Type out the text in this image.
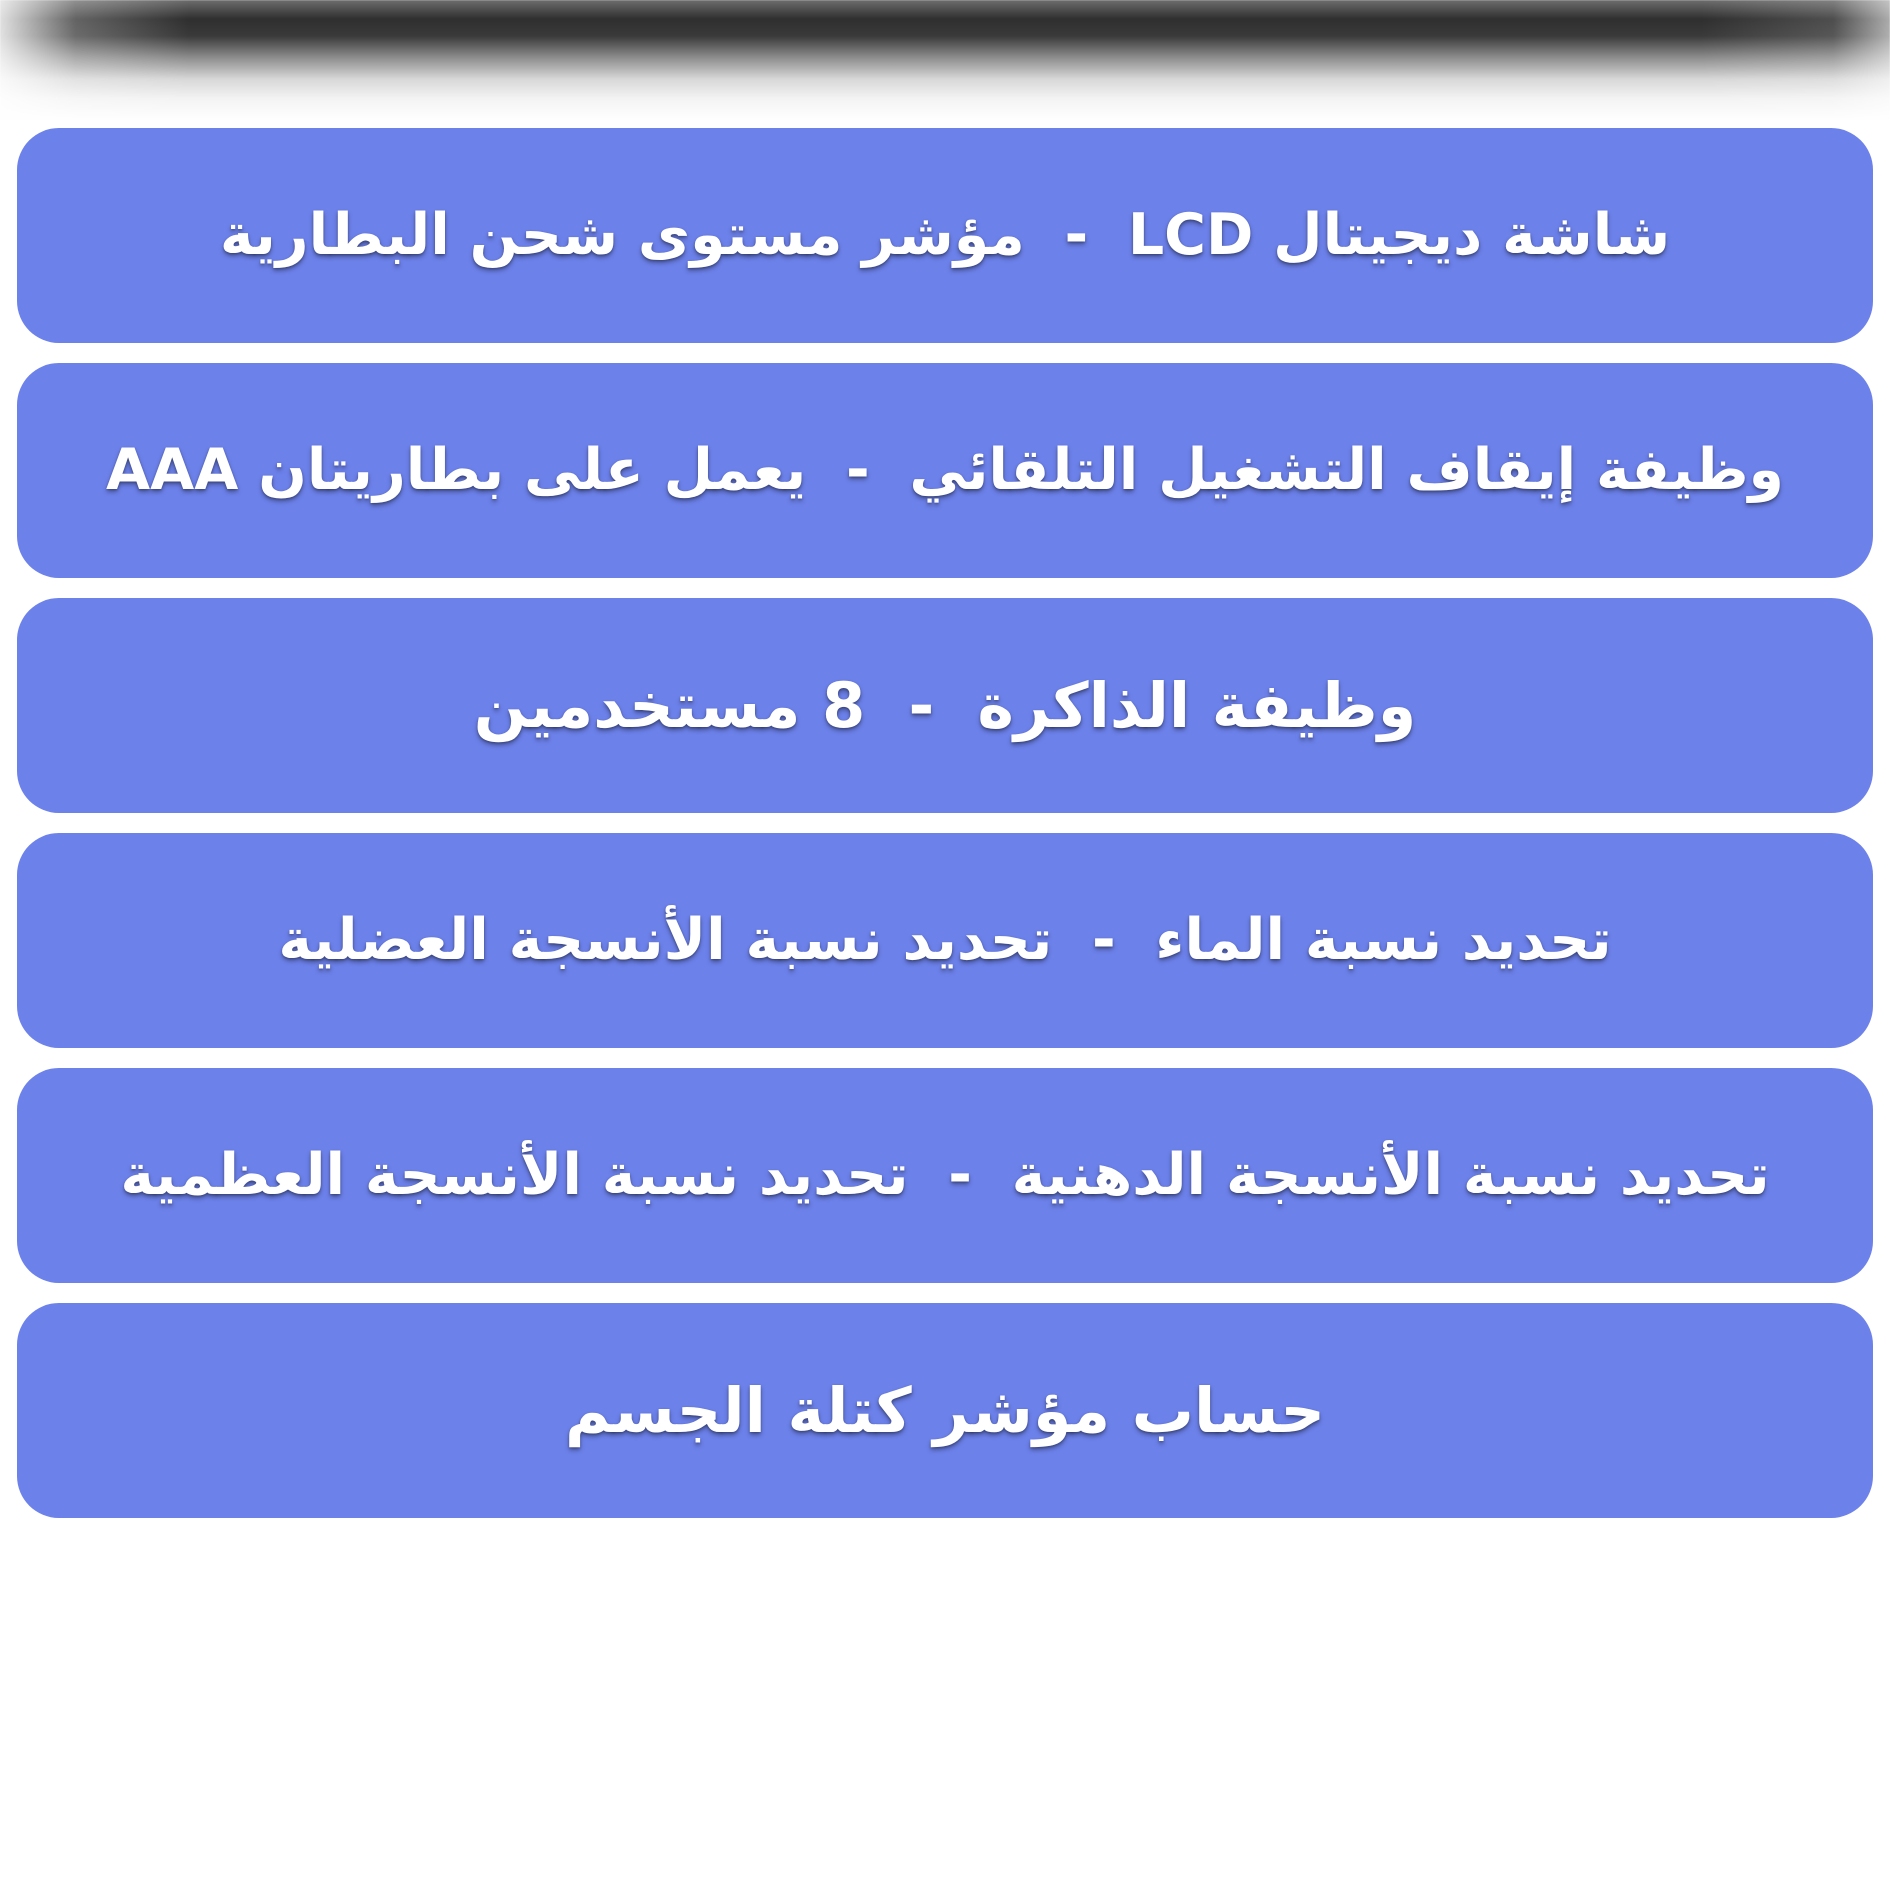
شاشة ديجيتال LCD  -  مؤشر مستوى شحن البطارية
وظيفة إيقاف التشغيل التلقائي  -  يعمل على بطاريتان AAA
وظيفة الذاكرة  -  8 مستخدمين
تحديد نسبة الماء  -  تحديد نسبة الأنسجة العضلية
تحديد نسبة الأنسجة الدهنية  -  تحديد نسبة الأنسجة العظمية
حساب مؤشر كتلة الجسم
